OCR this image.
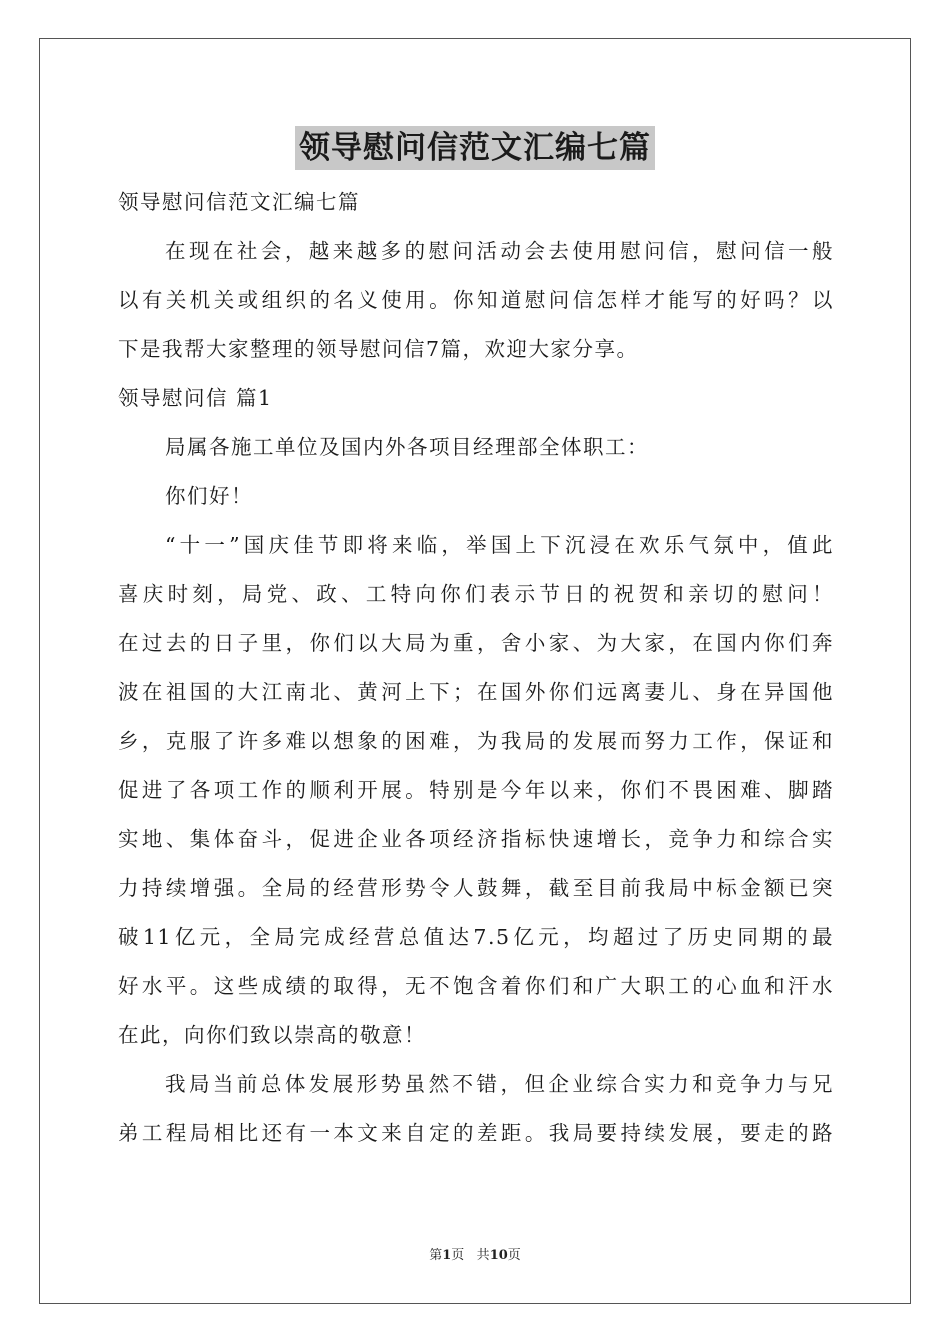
领导慰问信范文汇编七篇

领导慰问信范文汇编七篇

在现在社会，越来越多的慰问活动会去使用慰问信，慰问信一般

以有关机关或组织的名义使用。你知道慰问信怎样才能写的好吗？以

下是我帮大家整理的领导慰问信7篇，欢迎大家分享。

领导慰问信 篇1

局属各施工单位及国内外各项目经理部全体职工：

你们好！

“十一”国庆佳节即将来临，举国上下沉浸在欢乐气氛中，值此

喜庆时刻，局党、政、工特向你们表示节日的祝贺和亲切的慰问！

在过去的日子里，你们以大局为重，舍小家、为大家，在国内你们奔

波在祖国的大江南北、黄河上下；在国外你们远离妻儿、身在异国他

乡，克服了许多难以想象的困难，为我局的发展而努力工作，保证和

促进了各项工作的顺利开展。特别是今年以来，你们不畏困难、脚踏

实地、集体奋斗，促进企业各项经济指标快速增长，竞争力和综合实

力持续增强。全局的经营形势令人鼓舞，截至目前我局中标金额已突

破11亿元，全局完成经营总值达7.5亿元，均超过了历史同期的最

好水平。这些成绩的取得，无不饱含着你们和广大职工的心血和汗水

在此，向你们致以崇高的敬意！

我局当前总体发展形势虽然不错，但企业综合实力和竞争力与兄

弟工程局相比还有一本文来自定的差距。我局要持续发展，要走的路

第1页 共10页
